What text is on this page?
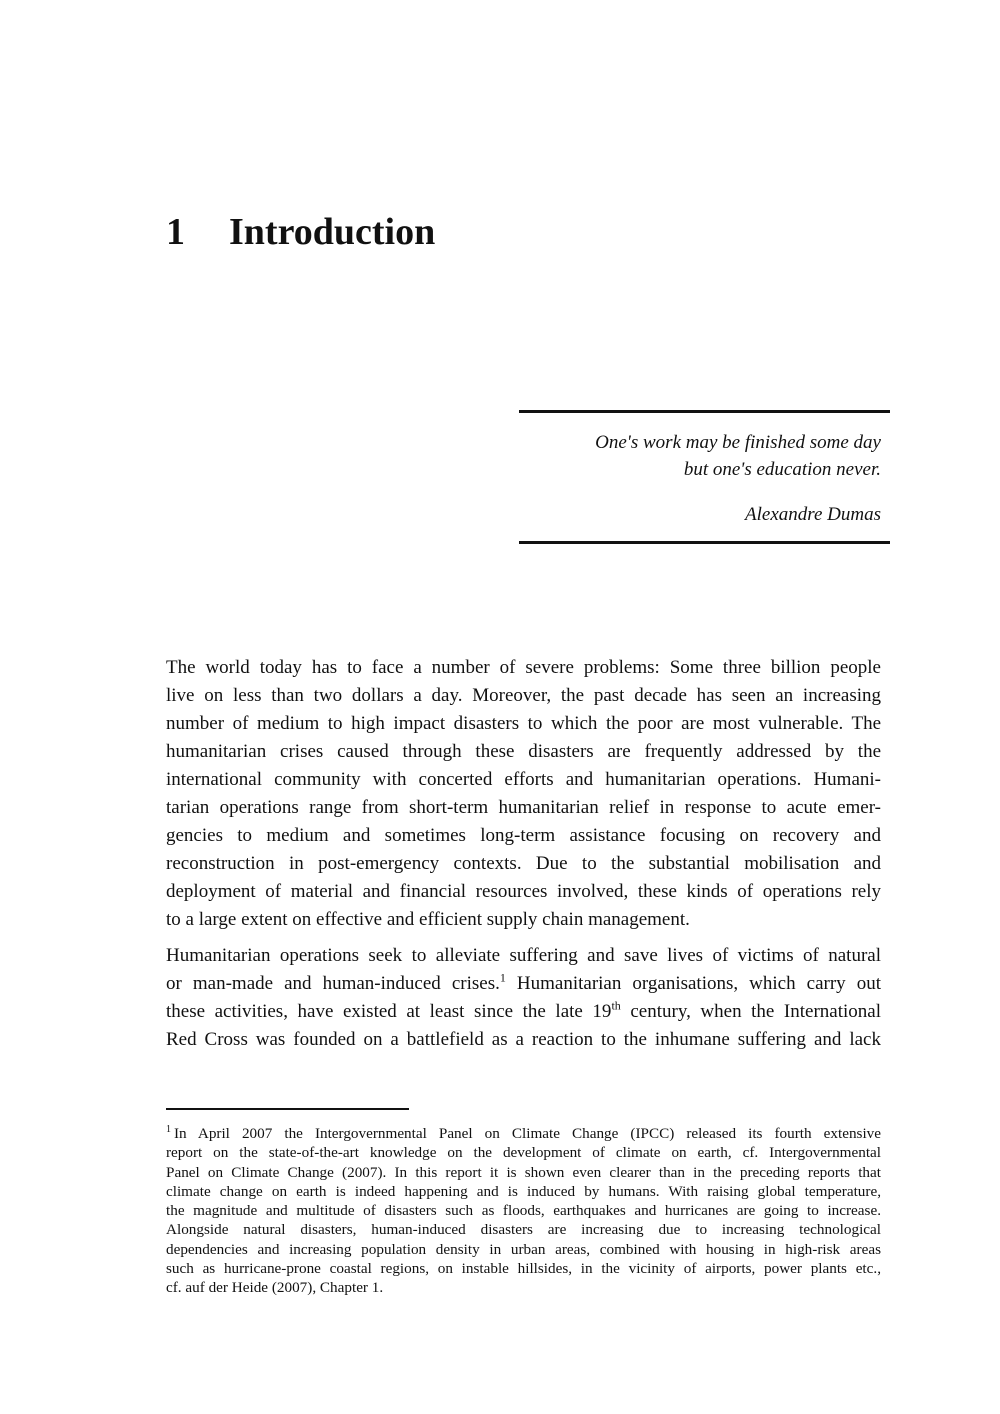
1 Introduction
One's work may be finished some day
but one's education never.
Alexandre Dumas
The world today has to face a number of severe problems: Some three billion people
live on less than two dollars a day. Moreover, the past decade has seen an increasing
number of medium to high impact disasters to which the poor are most vulnerable. The
humanitarian crises caused through these disasters are frequently addressed by the
international community with concerted efforts and humanitarian operations. Humani-
tarian operations range from short-term humanitarian relief in response to acute emer-
gencies to medium and sometimes long-term assistance focusing on recovery and
reconstruction in post-emergency contexts. Due to the substantial mobilisation and
deployment of material and financial resources involved, these kinds of operations rely
to a large extent on effective and efficient supply chain management.
Humanitarian operations seek to alleviate suffering and save lives of victims of natural
or man-made and human-induced crises.$^1$ Humanitarian organisations, which carry out
these activities, have existed at least since the late 19th century, when the International
Red Cross was founded on a battlefield as a reaction to the inhumane suffering and lack
$^1$ In April 2007 the Intergovernmental Panel on Climate Change (IPCC) released its fourth extensive
report on the state-of-the-art knowledge on the development of climate on earth, cf. Intergovernmental
Panel on Climate Change (2007). In this report it is shown even clearer than in the preceding reports that
climate change on earth is indeed happening and is induced by humans. With raising global temperature,
the magnitude and multitude of disasters such as floods, earthquakes and hurricanes are going to increase.
Alongside natural disasters, human-induced disasters are increasing due to increasing technological
dependencies and increasing population density in urban areas, combined with housing in high-risk areas
such as hurricane-prone coastal regions, on instable hillsides, in the vicinity of airports, power plants etc.,
cf. auf der Heide (2007), Chapter 1.
